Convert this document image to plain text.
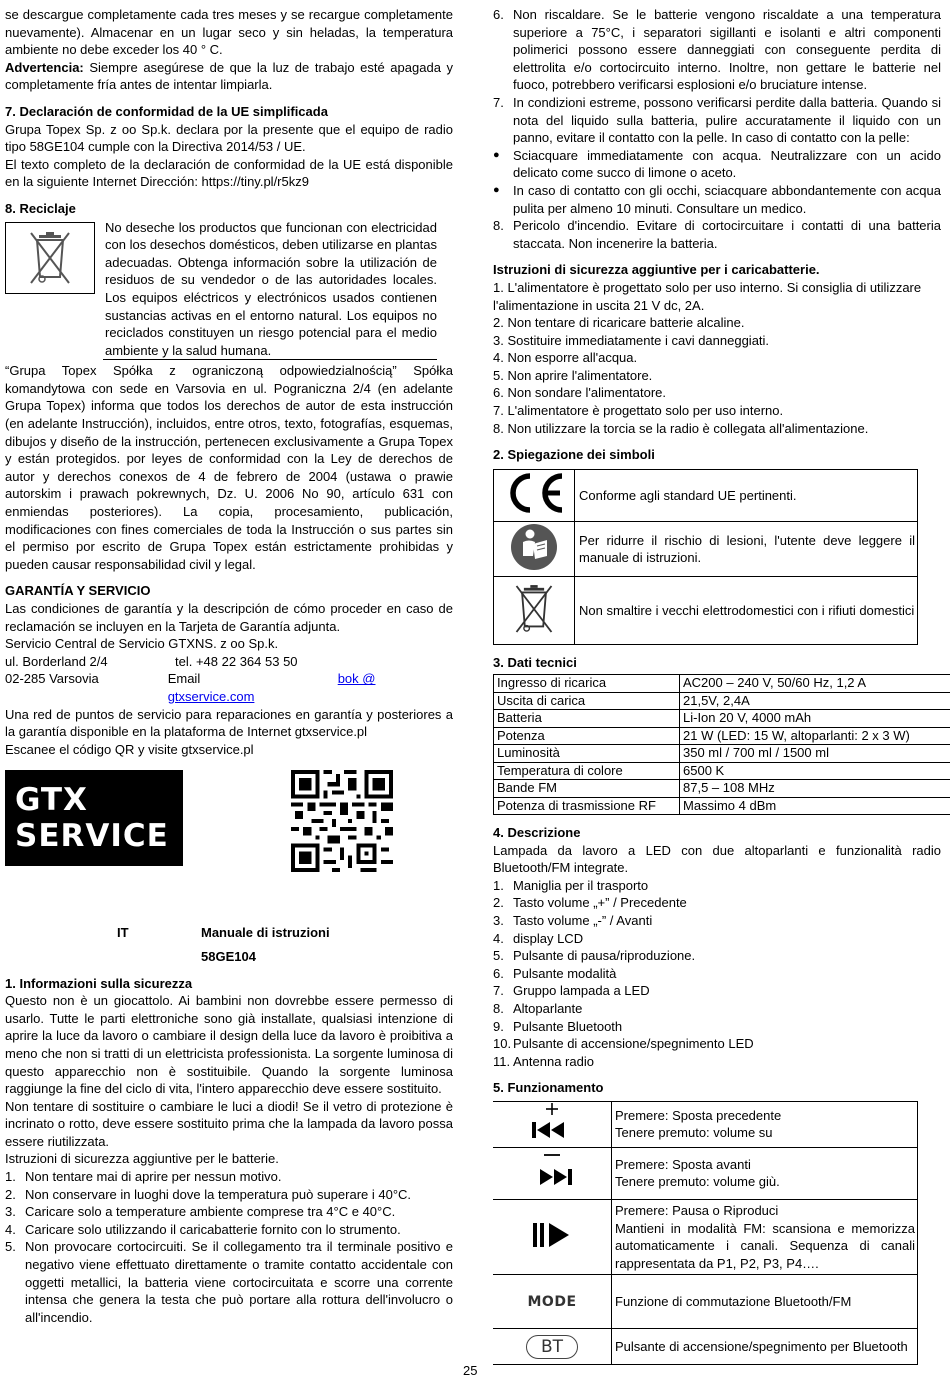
se descargue completamente cada tres meses y se recargue completamente nuevamente). Almacenar en un lugar seco y sin heladas, la temperatura ambiente no debe exceder los 40 ° C.

Advertencia: Siempre asegúrese de que la luz de trabajo esté apagada y completamente fría antes de intentar limpiarla.

7. Declaración de conformidad de la UE simplificada

Grupa Topex Sp. z oo Sp.k. declara por la presente que el equipo de radio tipo 58GE104 cumple con la Directiva 2014/53 / UE.

El texto completo de la declaración de conformidad de la UE está disponible en la siguiente Internet Dirección: https://tiny.pl/r5kz9

8. Reciclaje

No deseche los productos que funcionan con electricidad con los desechos domésticos, deben utilizarse en plantas adecuadas. Obtenga información sobre la utilización de residuos de su vendedor o de las autoridades locales. Los equipos eléctricos y electrónicos usados contienen sustancias activas en el entorno natural. Los equipos no reciclados constituyen un riesgo potencial para el medio ambiente y la salud humana.

“Grupa Topex Spółka z ograniczoną odpowiedzialnością” Spółka komandytowa con sede en Varsovia en ul. Pograniczna 2/4 (en adelante Grupa Topex) informa que todos los derechos de autor de esta instrucción (en adelante Instrucción), incluidos, entre otros, texto, fotografías, esquemas, dibujos y diseño de la instrucción, pertenecen exclusivamente a Grupa Topex y están protegidos. por leyes de conformidad con la Ley de derechos de autor y derechos conexos de 4 de febrero de 2004 (ustawa o prawie autorskim i prawach pokrewnych, Dz. U. 2006 No 90, artículo 631 con enmiendas posteriores). La copia, procesamiento, publicación, modificaciones con fines comerciales de toda la Instrucción o sus partes sin el permiso por escrito de Grupa Topex están estrictamente prohibidas y pueden causar responsabilidad civil y legal.

GARANTÍA Y SERVICIO

Las condiciones de garantía y la descripción de cómo proceder en caso de reclamación se incluyen en la Tarjeta de Garantía adjunta.

Servicio Central de Servicio GTXNS. z oo Sp.k.

ul. Borderland 2/4	tel. +48 22 364 53 50
02-285 Varsovia	Email	bok @ gtxservice.com

Una red de puntos de servicio para reparaciones en garantía y posteriores a la garantía disponible en la plataforma de Internet gtxservice.pl

Escanee el código QR y visite gtxservice.pl

GTX
SERVICE
IT	Manuale di istruzioni
58GE104

1. Informazioni sulla sicurezza

Questo non è un giocattolo. Ai bambini non dovrebbe essere permesso di usarlo. Tutte le parti elettroniche sono già installate, qualsiasi intenzione di aprire la luce da lavoro o cambiare il design della luce da lavoro è proibitiva a meno che non si tratti di un elettricista professionista. La sorgente luminosa di questo apparecchio non è sostituibile. Quando la sorgente luminosa raggiunge la fine del ciclo di vita, l'intero apparecchio deve essere sostituito.

Non tentare di sostituire o cambiare le luci a diodi! Se il vetro di protezione è incrinato o rotto, deve essere sostituito prima che la lampada da lavoro possa essere riutilizzata.

Istruzioni di sicurezza aggiuntive per le batterie.

1. Non tentare mai di aprire per nessun motivo.
2. Non conservare in luoghi dove la temperatura può superare i 40°C.
3. Caricare solo a temperature ambiente comprese tra 4°C e 40°C.
4. Caricare solo utilizzando il caricabatterie fornito con lo strumento.
5. Non provocare cortocircuiti. Se il collegamento tra il terminale positivo e negativo viene effettuato direttamente o tramite contatto accidentale con oggetti metallici, la batteria viene cortocircuitata e scorre una corrente intensa che genera la testa che può portare alla rottura dell'involucro o all'incendio.
6. Non riscaldare. Se le batterie vengono riscaldate a una temperatura superiore a 75°C, i separatori sigillanti e isolanti e altri componenti polimerici possono essere danneggiati con conseguente perdita di elettrolita e/o cortocircuito interno. Inoltre, non gettare le batterie nel fuoco, potrebbero verificarsi esplosioni e/o bruciature intense.
7. In condizioni estreme, possono verificarsi perdite dalla batteria. Quando si nota del liquido sulla batteria, pulire accuratamente il liquido con un panno, evitare il contatto con la pelle. In caso di contatto con la pelle:
● Sciacquare immediatamente con acqua. Neutralizzare con un acido delicato come succo di limone o aceto.
● In caso di contatto con gli occhi, sciacquare abbondantemente con acqua pulita per almeno 10 minuti. Consultare un medico.
8. Pericolo d'incendio. Evitare di cortocircuitare i contatti di una batteria staccata. Non incenerire la batteria.

Istruzioni di sicurezza aggiuntive per i caricabatterie.

1. L'alimentatore è progettato solo per uso interno. Si consiglia di utilizzare l'alimentazione in uscita 21 V dc, 2A.
2. Non tentare di ricaricare batterie alcaline.
3. Sostituire immediatamente i cavi danneggiati.
4. Non esporre all'acqua.
5. Non aprire l'alimentatore.
6. Non sondare l'alimentatore.
7. L'alimentatore è progettato solo per uso interno.
8. Non utilizzare la torcia se la radio è collegata all'alimentazione.

2. Spiegazione dei simboli

	Conforme agli standard UE pertinenti.
	Per ridurre il rischio di lesioni, l'utente deve leggere il manuale di istruzioni.
	Non smaltire i vecchi elettrodomestici con i rifiuti domestici

3. Dati tecnici

Ingresso di ricarica	AC200 – 240 V, 50/60 Hz, 1,2 A
Uscita di carica	21,5V, 2,4A
Batteria	Li-Ion 20 V, 4000 mAh
Potenza	21 W (LED: 15 W, altoparlanti: 2 x 3 W)
Luminosità	350 ml / 700 ml / 1500 ml
Temperatura di colore	6500 K
Bande FM	87,5 – 108 MHz
Potenza di trasmissione RF	Massimo 4 dBm

4. Descrizione

Lampada da lavoro a LED con due altoparlanti e funzionalità radio Bluetooth/FM integrate.

1. Maniglia per il trasporto
2. Tasto volume „+” / Precedente
3. Tasto volume „-” / Avanti
4. display LCD
5. Pulsante di pausa/riproduzione.
6. Pulsante modalità
7. Gruppo lampada a LED
8. Altoparlante
9. Pulsante Bluetooth
10. Pulsante di accensione/spegnimento LED
11. Antenna radio

5. Funzionamento

Premere: Sposta precedente
Tenere premuto: volume su

Premere: Sposta avanti
Tenere premuto: volume giù.

Premere: Pausa o Riproduci
Mantieni in modalità FM: scansiona e memorizza automaticamente i canali. Sequenza di canali rappresentata da P1, P2, P3, P4….

MODE	Funzione di commutazione Bluetooth/FM
BT	Pulsante di accensione/spegnimento per Bluetooth
25
